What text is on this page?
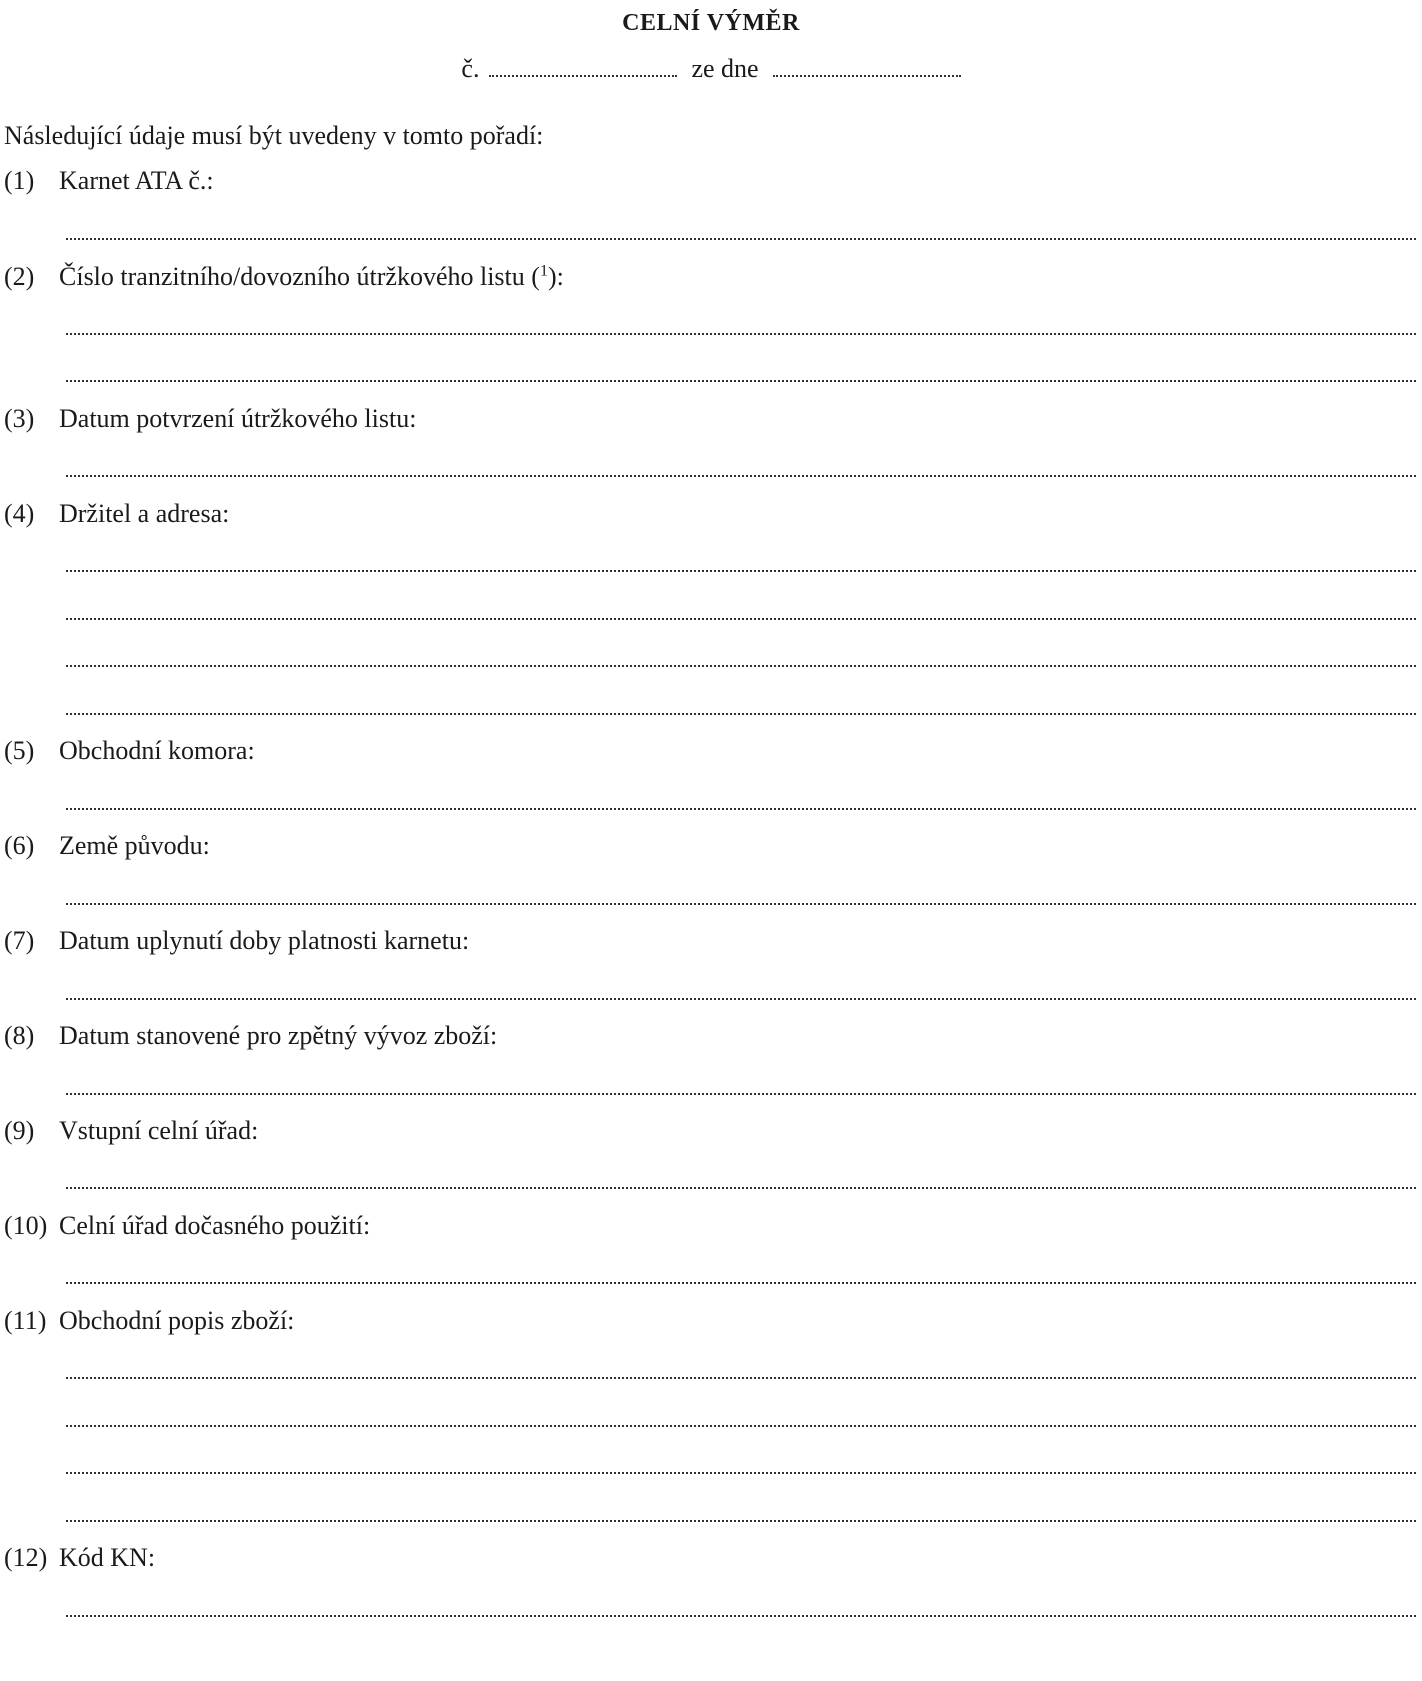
CELNÍ VÝMĚR
č.	ze dne
Následující údaje musí být uvedeny v tomto pořadí:
(1) Karnet ATA č.:
(2) Číslo tranzitního/dovozního útržkového listu ($^1$):
(3) Datum potvrzení útržkového listu:
(4) Držitel a adresa:
(5) Obchodní komora:
(6) Země původu:
(7) Datum uplynutí doby platnosti karnetu:
(8) Datum stanovené pro zpětný vývoz zboží:
(9) Vstupní celní úřad:
(10) Celní úřad dočasného použití:
(11) Obchodní popis zboží:
(12) Kód KN:
